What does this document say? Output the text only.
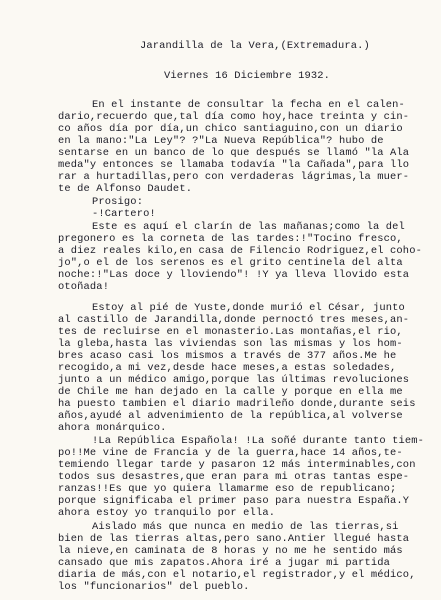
Jarandilla de la Vera,(Extremadura.)
Viernes 16 Diciembre 1932.
En el instante de consultar la fecha en el calen-
dario,recuerdo que,tal día como hoy,hace treinta y cin-
co años día por día,un chico santiaguino,con un diario
en la mano:"La Ley"? ?"La Nueva República"? hubo de
sentarse en un banco de lo que después se llamó "la Ala
meda"y entonces se llamaba todavía "la Cañada",para llo
rar a hurtadillas,pero con verdaderas lágrimas,la muer-
te de Alfonso Daudet.
Prosigo:
-!Cartero!
Este es aquí el clarín de las mañanas;como la del
pregonero es la corneta de las tardes:!"Tocino fresco,
a diez reales kilo,en casa de Filencio Rodriguez,el coho-
jo",o el de los serenos es el grito centinela del alta
noche:!"Las doce y lloviendo"! !Y ya lleva llovido esta
otoñada!
Estoy al pié de Yuste,donde murió el César, junto
al castillo de Jarandilla,donde pernoctó tres meses,an-
tes de recluirse en el monasterio.Las montañas,el rio,
la gleba,hasta las viviendas son las mismas y los hom-
bres acaso casi los mismos a través de 377 años.Me he
recogido,a mi vez,desde hace meses,a estas soledades,
junto a un médico amigo,porque las últimas revoluciones
de Chile me han dejado en la calle y porque en ella me
ha puesto tambien el diario madrileño donde,durante seis
años,ayudé al advenimiento de la república,al volverse
ahora monárquico.
!La República Española! !La soñé durante tanto tiem-
po!!Me vine de Francia y de la guerra,hace 14 años,te-
temiendo llegar tarde y pasaron 12 más interminables,con
todos sus desastres,que eran para mi otras tantas espe-
ranzas!!Es que yo quiera llamarme eso de republicano;
porque significaba el primer paso para nuestra España.Y
ahora estoy yo tranquilo por ella.
Aislado más que nunca en medio de las tierras,si
bien de las tierras altas,pero sano.Antier llegué hasta
la nieve,en caminata de 8 horas y no me he sentido más
cansado que mis zapatos.Ahora iré a jugar mi partida
diaria de más,con el notario,el registrador,y el médico,
los "funcionarios" del pueblo.
